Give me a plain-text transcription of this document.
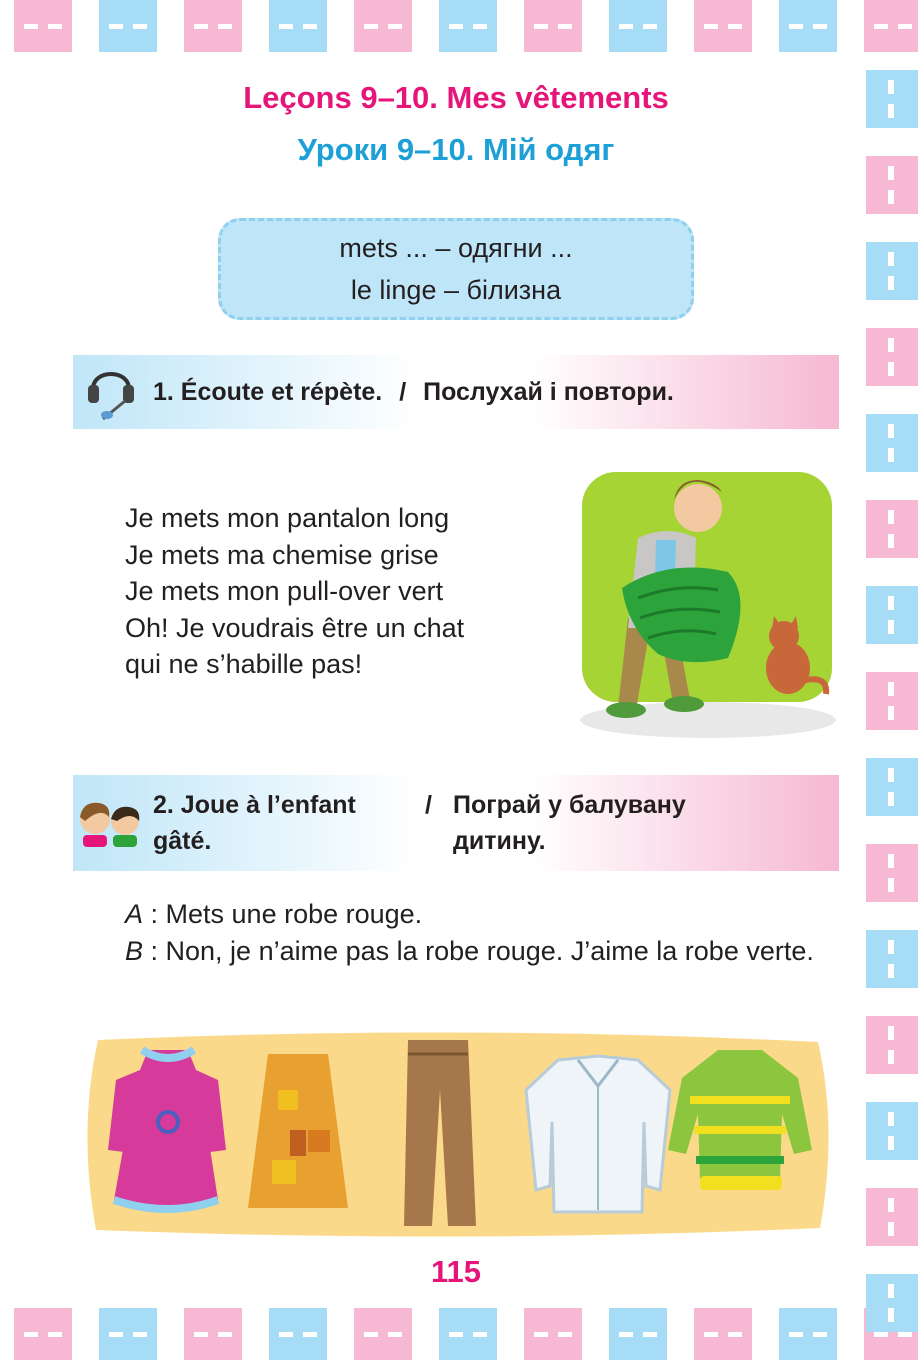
Leçons 9–10. Mes vêtements
Уроки 9–10. Мій одяг
mets ... – одягни ...
le linge – білизна
1. Écoute et répète. / Послухай і повтори.
Je mets mon pantalon long
Je mets ma chemise grise
Je mets mon pull-over vert
Oh! Je voudrais être un chat
qui ne s’habille pas!
2. Joue à l’enfant
gâté.
/ Пограй у балувану
дитину.

A : Mets une robe rouge.

B : Non, je n’aime pas la robe rouge. J’aime la robe verte.

115
